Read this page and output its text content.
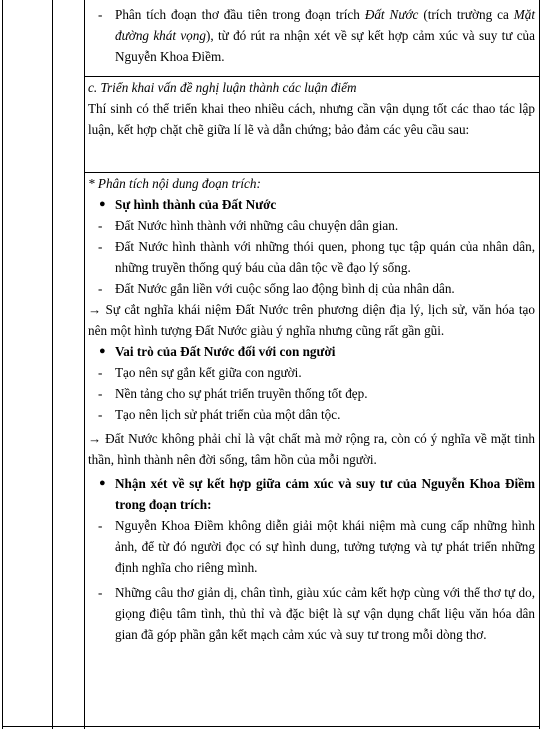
- Phân tích đoạn thơ đầu tiên trong đoạn trích Đất Nước (trích trường ca Mặt đường khát vọng), từ đó rút ra nhận xét về sự kết hợp cảm xúc và suy tư của Nguyễn Khoa Điềm.

c. Triển khai vấn đề nghị luận thành các luận điểm

Thí sinh có thể triển khai theo nhiều cách, nhưng cần vận dụng tốt các thao tác lập luận, kết hợp chặt chẽ giữa lí lẽ và dẫn chứng; bảo đảm các yêu cầu sau:

* Phân tích nội dung đoạn trích:

● Sự hình thành của Đất Nước
- Đất Nước hình thành với những câu chuyện dân gian.
- Đất Nước hình thành với những thói quen, phong tục tập quán của nhân dân, những truyền thống quý báu của dân tộc về đạo lý sống.
- Đất Nước gắn liền với cuộc sống lao động bình dị của nhân dân.

→ Sự cắt nghĩa khái niệm Đất Nước trên phương diện địa lý, lịch sử, văn hóa tạo nên một hình tượng Đất Nước giàu ý nghĩa nhưng cũng rất gần gũi.

● Vai trò của Đất Nước đối với con người
- Tạo nên sự gắn kết giữa con người.
- Nền tảng cho sự phát triển truyền thống tốt đẹp.
- Tạo nên lịch sử phát triển của một dân tộc.

→ Đất Nước không phải chỉ là vật chất mà mở rộng ra, còn có ý nghĩa về mặt tinh thần, hình thành nên đời sống, tâm hồn của mỗi người.

● Nhận xét về sự kết hợp giữa cảm xúc và suy tư của Nguyễn Khoa Điềm trong đoạn trích:
- Nguyễn Khoa Điềm không diễn giải một khái niệm mà cung cấp những hình ảnh, để từ đó người đọc có sự hình dung, tưởng tượng và tự phát triển những định nghĩa cho riêng mình.
- Những câu thơ giản dị, chân tình, giàu xúc cảm kết hợp cùng với thể thơ tự do, giọng điệu tâm tình, thủ thỉ và đặc biệt là sự vận dụng chất liệu văn hóa dân gian đã góp phần gắn kết mạch cảm xúc và suy tư trong mỗi dòng thơ.
